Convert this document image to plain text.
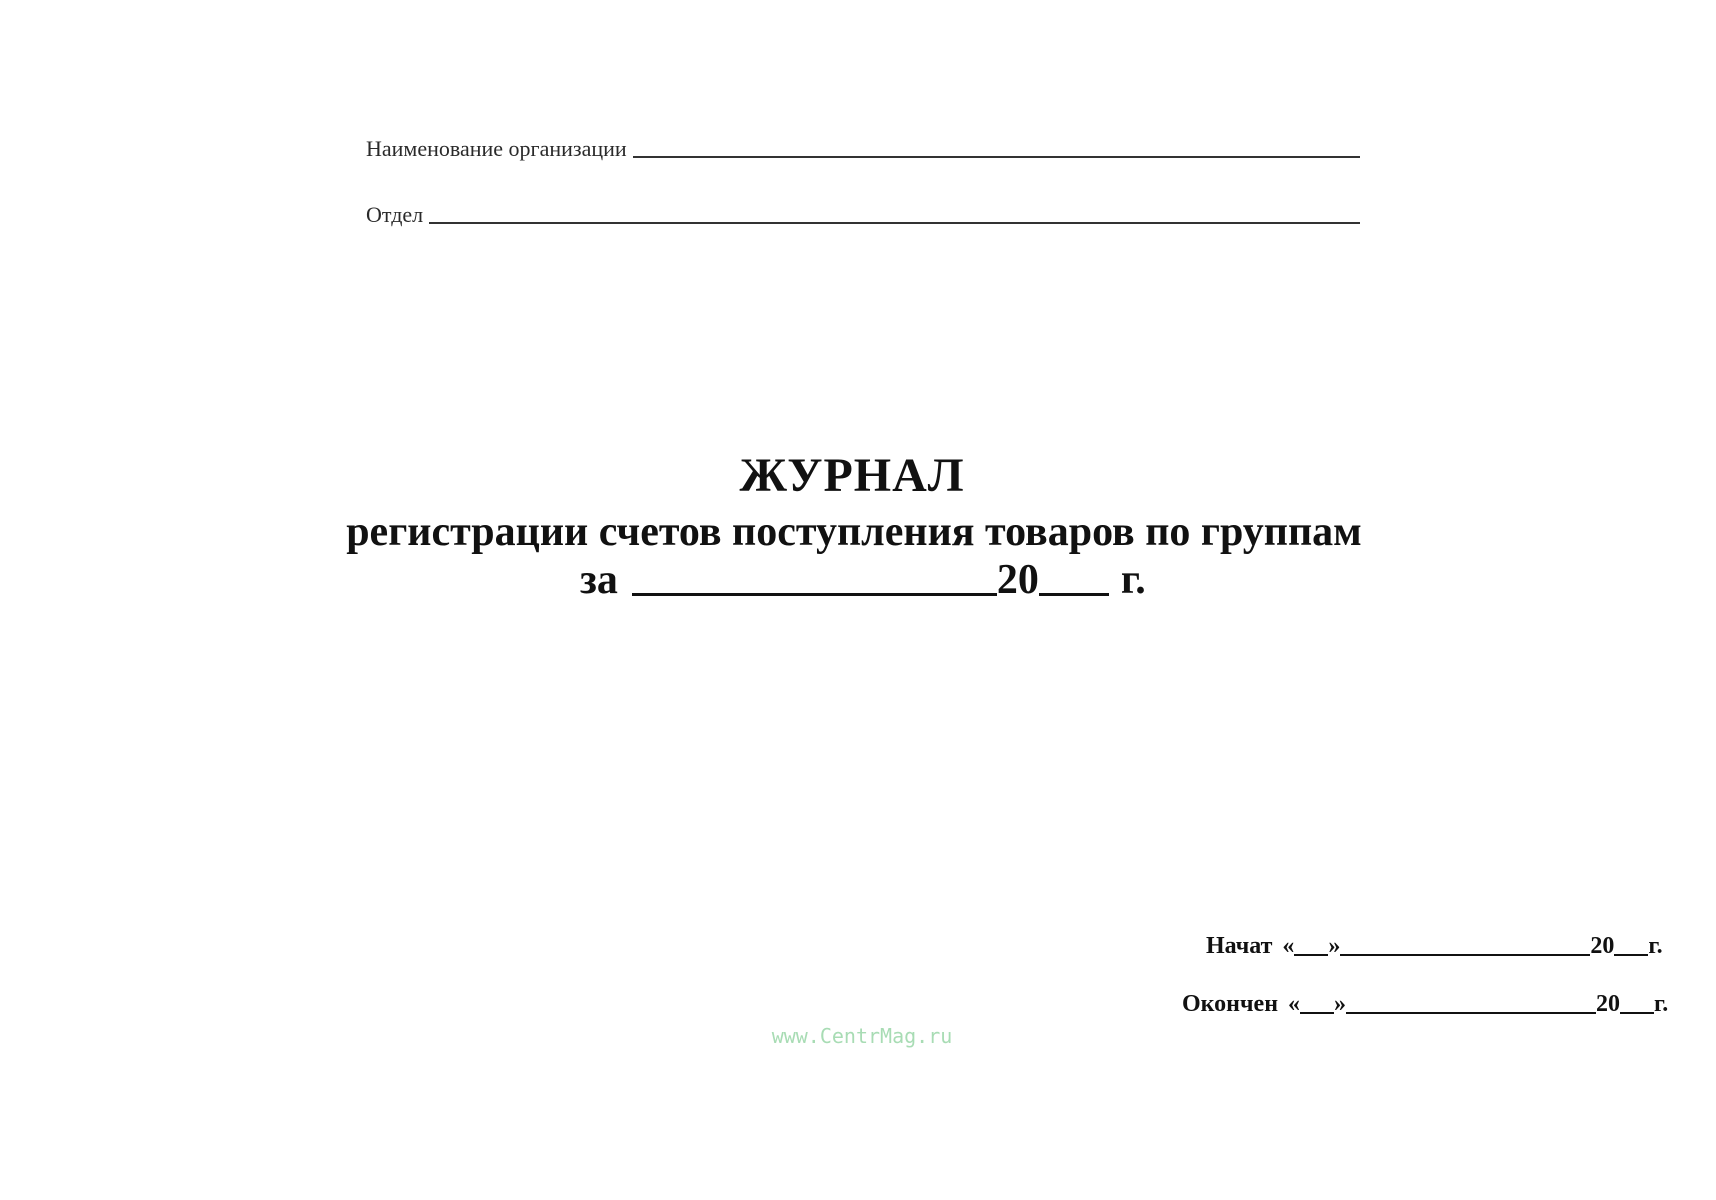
Наименование организации
Отдел
ЖУРНАЛ
регистрации счетов поступления товаров по группам
за	20 г.
Начат « »	20 г.
Окончен « »	20 г.
www.CentrMag.ru
